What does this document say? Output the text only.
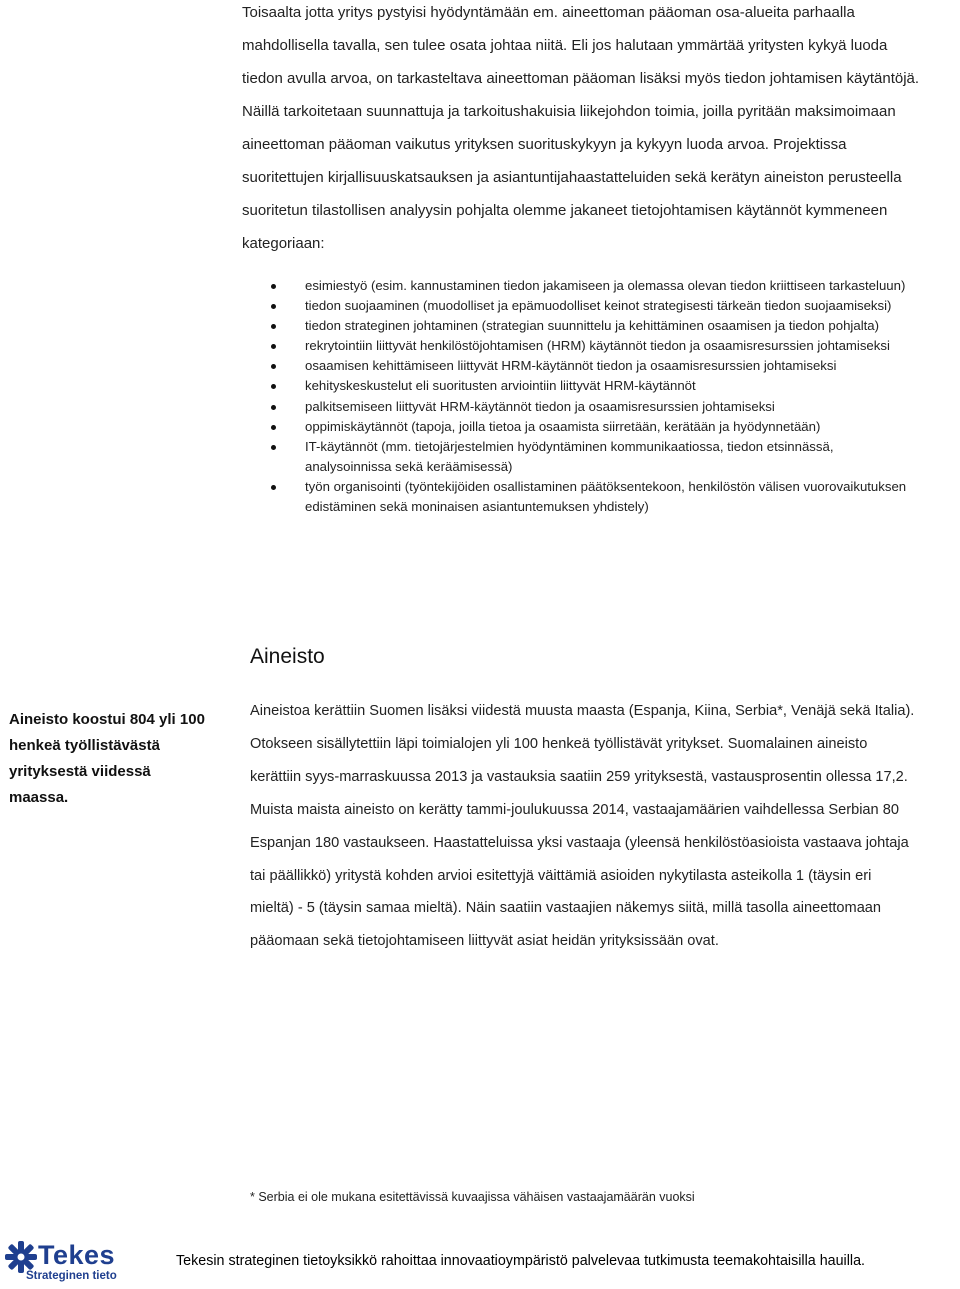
Toisaalta jotta yritys pystyisi hyödyntämään em. aineettoman pääoman osa-alueita parhaalla mahdollisella tavalla, sen tulee osata johtaa niitä. Eli jos halutaan ymmärtää yritysten kykyä luoda tiedon avulla arvoa, on tarkasteltava aineettoman pääoman lisäksi myös tiedon johtamisen käytäntöjä. Näillä tarkoitetaan suunnattuja ja tarkoitushakuisia liikejohdon toimia, joilla pyritään maksimoimaan aineettoman pääoman vaikutus yrityksen suorituskykyyn ja kykyyn luoda arvoa. Projektissa suoritettujen kirjallisuuskatsauksen ja asiantuntijahaastatteluiden sekä kerätyn aineiston perusteella suoritetun tilastollisen analyysin pohjalta olemme jakaneet tietojohtamisen käytännöt kymmeneen kategoriaan:

esimiestyö (esim. kannustaminen tiedon jakamiseen ja olemassa olevan tiedon kriittiseen tarkasteluun)
tiedon suojaaminen (muodolliset ja epämuodolliset keinot strategisesti tärkeän tiedon suojaamiseksi)
tiedon strateginen johtaminen (strategian suunnittelu ja kehittäminen osaamisen ja tiedon pohjalta)
rekrytointiin liittyvät henkilöstöjohtamisen (HRM) käytännöt tiedon ja osaamisresurssien johtamiseksi
osaamisen kehittämiseen liittyvät HRM-käytännöt tiedon ja osaamisresurssien johtamiseksi
kehityskeskustelut eli suoritusten arviointiin liittyvät HRM-käytännöt
palkitsemiseen liittyvät HRM-käytännöt tiedon ja osaamisresurssien johtamiseksi
oppimiskäytännöt (tapoja, joilla tietoa ja osaamista siirretään, kerätään ja hyödynnetään)
IT-käytännöt (mm. tietojärjestelmien hyödyntäminen kommunikaatiossa, tiedon etsinnässä, analysoinnissa sekä keräämisessä)
työn organisointi (työntekijöiden osallistaminen päätöksentekoon, henkilöstön välisen vuorovaikutuksen edistäminen sekä moninaisen asiantuntemuksen yhdistely)
Aineisto

Aineisto koostui 804 yli 100 henkeä työllistävästä yrityksestä viidessä maassa.

Aineistoa kerättiin Suomen lisäksi viidestä muusta maasta (Espanja, Kiina, Serbia*, Venäjä sekä Italia). Otokseen sisällytettiin läpi toimialojen yli 100 henkeä työllistävät yritykset. Suomalainen aineisto kerättiin syys-marraskuussa 2013 ja vastauksia saatiin 259 yrityksestä, vastausprosentin ollessa 17,2. Muista maista aineisto on kerätty tammi-joulukuussa 2014, vastaajamäärien vaihdellessa Serbian 80 Espanjan 180 vastaukseen. Haastatteluissa yksi vastaaja (yleensä henkilöstöasioista vastaava johtaja tai päällikkö) yritystä kohden arvioi esitettyjä väittämiä asioiden nykytilasta asteikolla 1 (täysin eri mieltä) - 5 (täysin samaa mieltä). Näin saatiin vastaajien näkemys siitä, millä tasolla aineettomaan pääomaan sekä tietojohtamiseen liittyvät asiat heidän yrityksissään ovat.

* Serbia ei ole mukana esitettävissä kuvaajissa vähäisen vastaajamäärän vuoksi

Tekes
Strateginen tieto

Tekesin strateginen tietoyksikkö rahoittaa innovaatioympäristö palvelevaa tutkimusta teemakohtaisilla hauilla.
